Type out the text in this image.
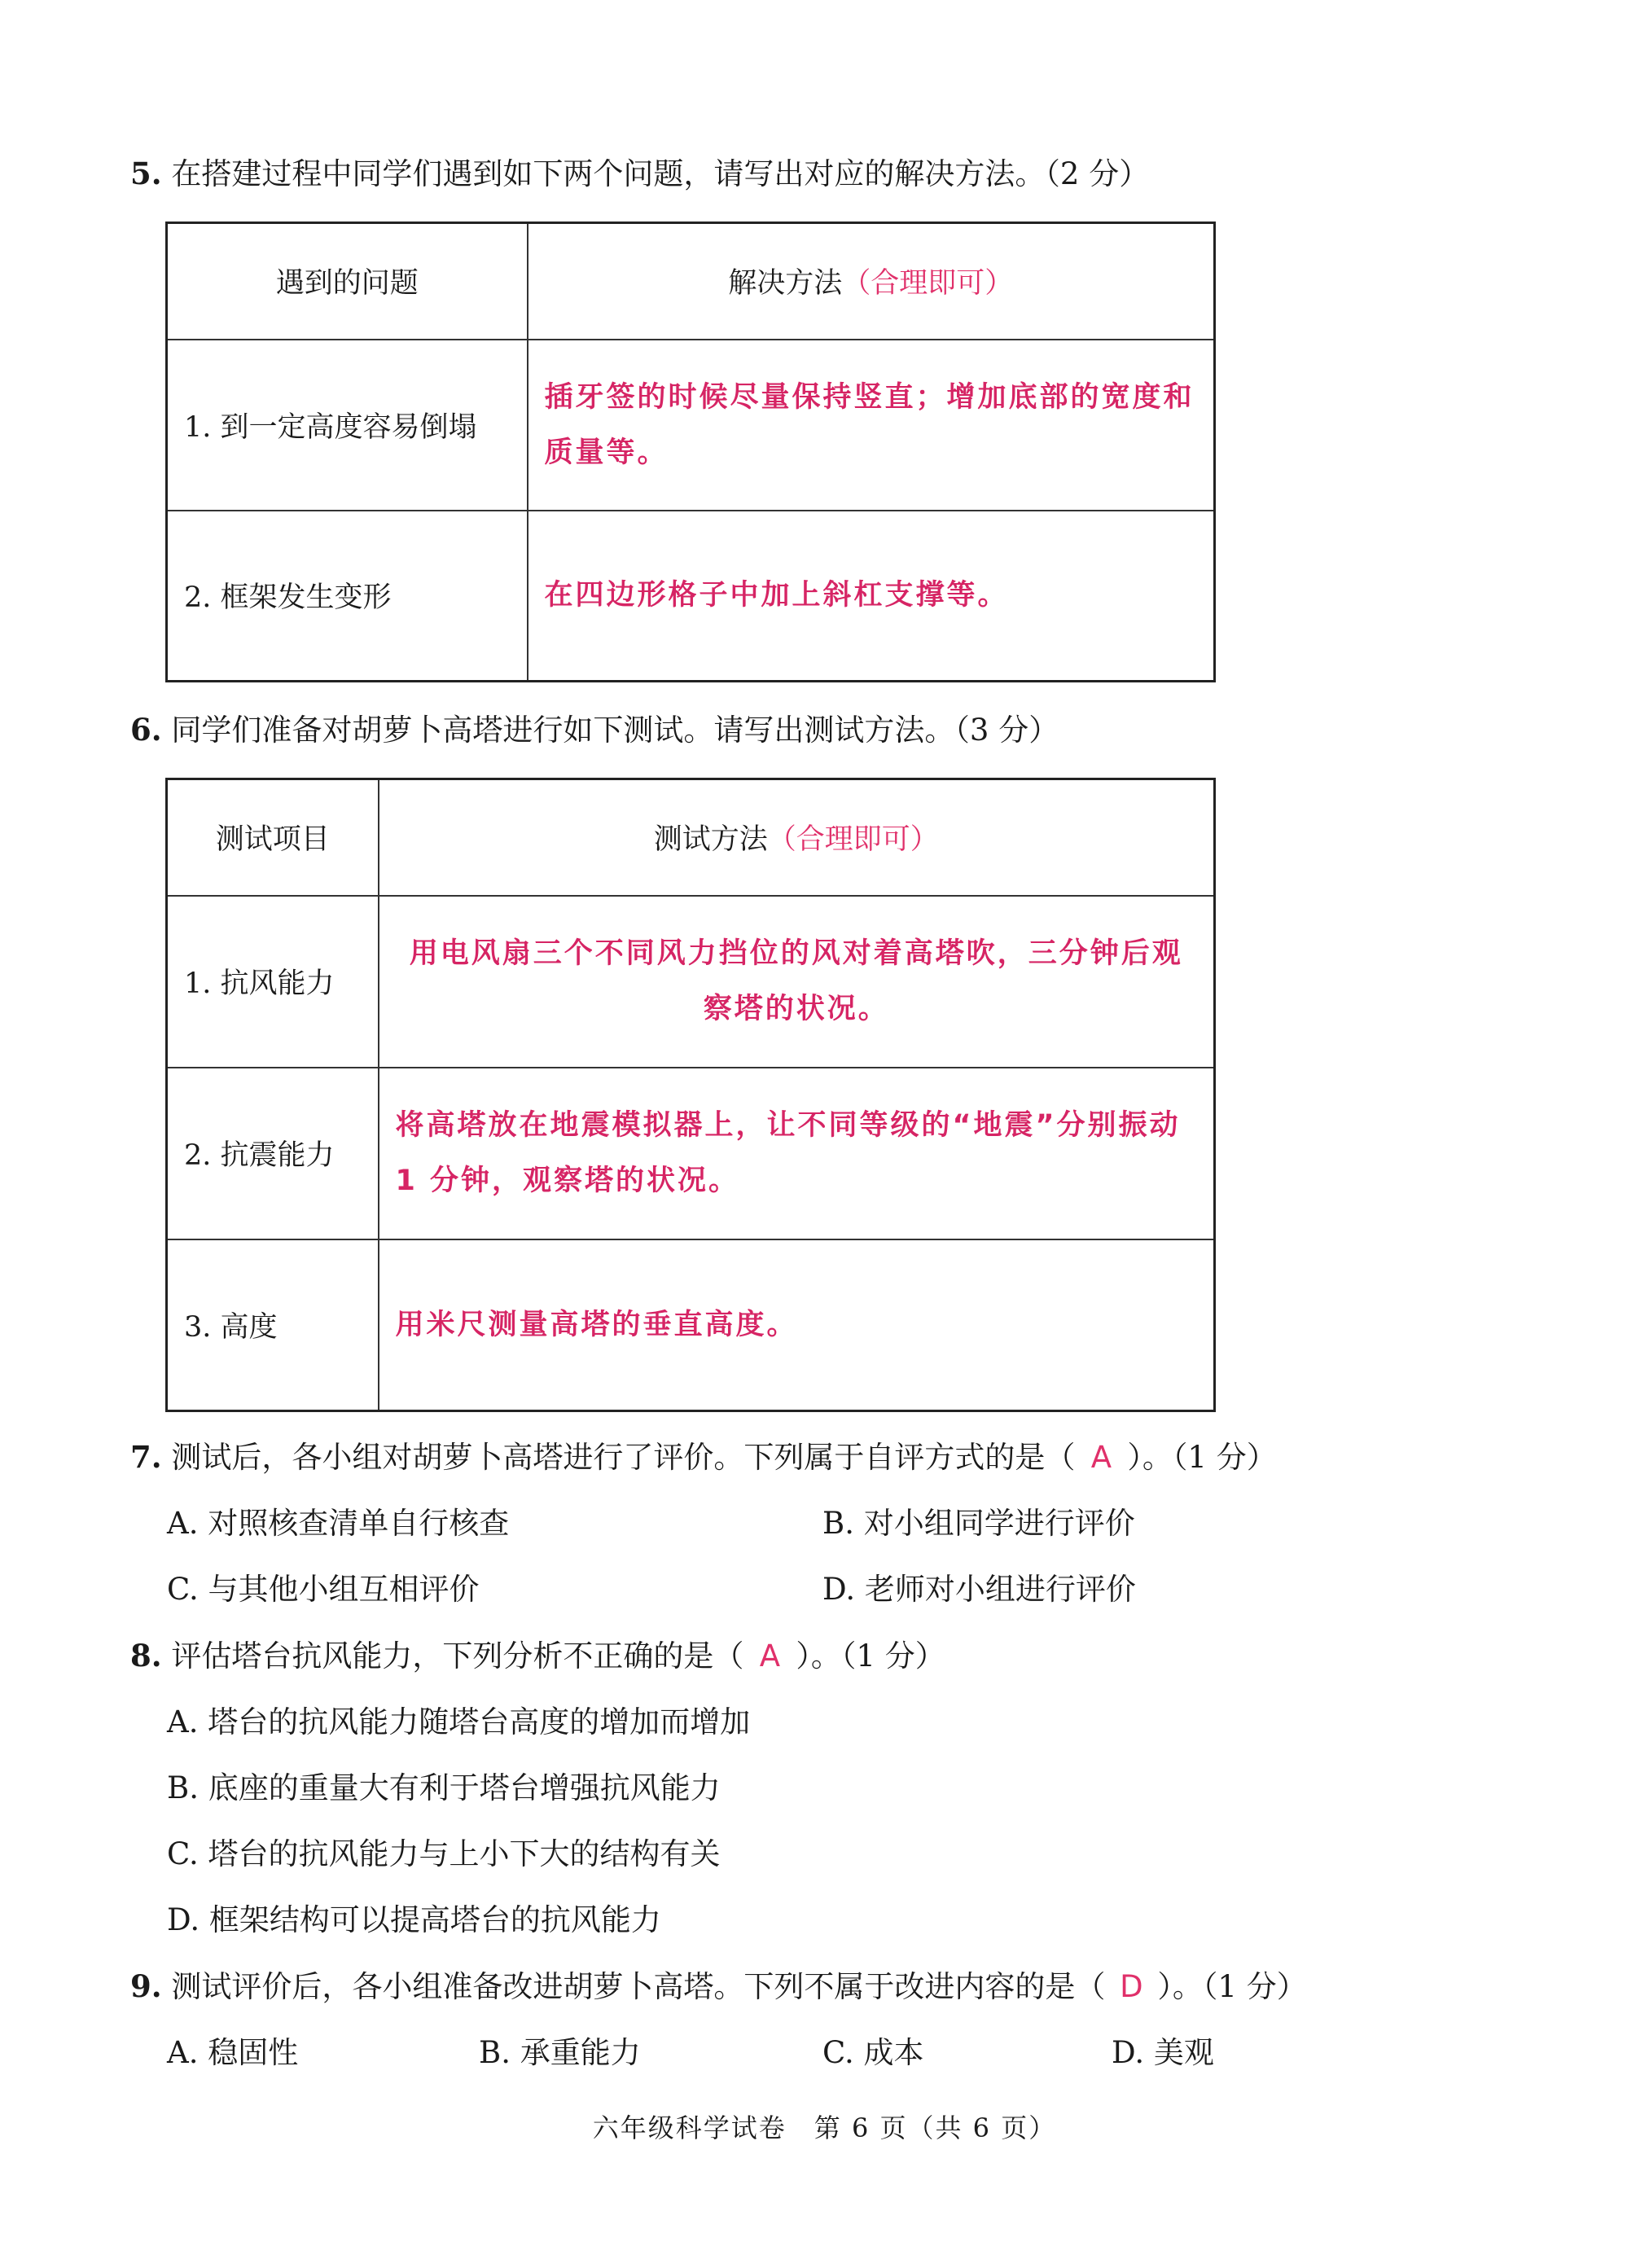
5. 在搭建过程中同学们遇到如下两个问题，请写出对应的解决方法。（2 分）
遇到的问题	解决方法（合理即可）
1. 到一定高度容易倒塌	插牙签的时候尽量保持竖直；增加底部的宽度和质量等。
2. 框架发生变形	在四边形格子中加上斜杠支撑等。
6. 同学们准备对胡萝卜高塔进行如下测试。请写出测试方法。（3 分）
测试项目	测试方法（合理即可）
1. 抗风能力	用电风扇三个不同风力挡位的风对着高塔吹，三分钟后观察塔的状况。
2. 抗震能力	将高塔放在地震模拟器上，让不同等级的“地震”分别振动 1 分钟，观察塔的状况。
3. 高度	用米尺测量高塔的垂直高度。
7. 测试后，各小组对胡萝卜高塔进行了评价。下列属于自评方式的是（ A ）。（1 分）
A. 对照核查清单自行核查	B. 对小组同学进行评价
C. 与其他小组互相评价	D. 老师对小组进行评价
8. 评估塔台抗风能力，下列分析不正确的是（ A ）。（1 分）
A. 塔台的抗风能力随塔台高度的增加而增加
B. 底座的重量大有利于塔台增强抗风能力
C. 塔台的抗风能力与上小下大的结构有关
D. 框架结构可以提高塔台的抗风能力
9. 测试评价后，各小组准备改进胡萝卜高塔。下列不属于改进内容的是（ D ）。（1 分）
A. 稳固性	B. 承重能力	C. 成本	D. 美观
六年级科学试卷　第 6 页（共 6 页）
